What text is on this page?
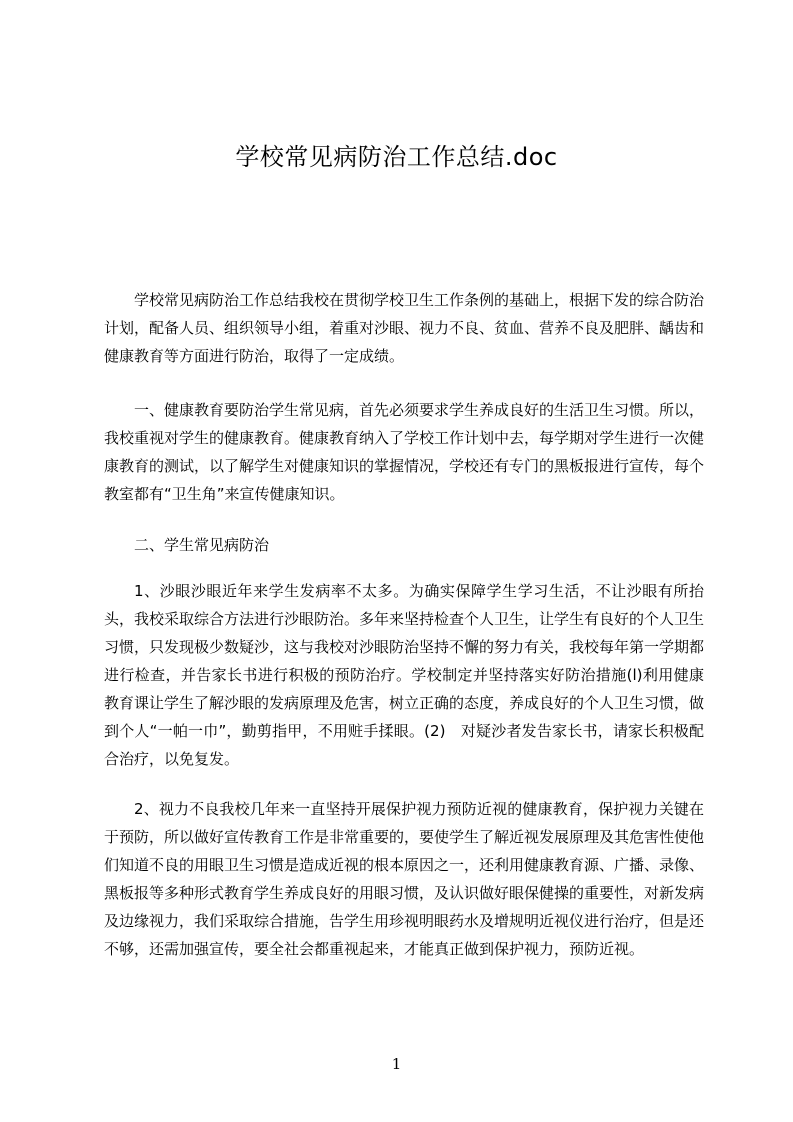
学校常见病防治工作总结.doc

学校常见病防治工作总结我校在贯彻学校卫生工作条例的基础上，根据下发的综合防治计划，配备人员、组织领导小组，着重对沙眼、视力不良、贫血、营养不良及肥胖、龋齿和健康教育等方面进行防治，取得了一定成绩。

一、健康教育要防治学生常见病，首先必须要求学生养成良好的生活卫生习惯。所以，我校重视对学生的健康教育。健康教育纳入了学校工作计划中去，每学期对学生进行一次健康教育的测试，以了解学生对健康知识的掌握情况，学校还有专门的黑板报进行宣传，每个教室都有“卫生角”来宣传健康知识。

二、学生常见病防治

1、沙眼沙眼近年来学生发病率不太多。为确实保障学生学习生活，不让沙眼有所抬头，我校采取综合方法进行沙眼防治。多年来坚持检查个人卫生，让学生有良好的个人卫生习惯，只发现极少数疑沙，这与我校对沙眼防治坚持不懈的努力有关，我校每年第一学期都进行检查，并告家长书进行积极的预防治疗。学校制定并坚持落实好防治措施(l)利用健康教育课让学生了解沙眼的发病原理及危害，树立正确的态度，养成良好的个人卫生习惯，做到个人“一帕一巾”，勤剪指甲，不用赃手揉眼。(2)　对疑沙者发告家长书，请家长积极配合治疗，以免复发。

2、视力不良我校几年来一直坚持开展保护视力预防近视的健康教育，保护视力关键在于预防，所以做好宣传教育工作是非常重要的，要使学生了解近视发展原理及其危害性使他们知道不良的用眼卫生习惯是造成近视的根本原因之一，还利用健康教育源、广播、录像、黑板报等多种形式教育学生养成良好的用眼习惯，及认识做好眼保健操的重要性，对新发病及边缘视力，我们采取综合措施，告学生用珍视明眼药水及增规明近视仪进行治疗，但是还不够，还需加强宣传，要全社会都重视起来，才能真正做到保护视力，预防近视。

1
